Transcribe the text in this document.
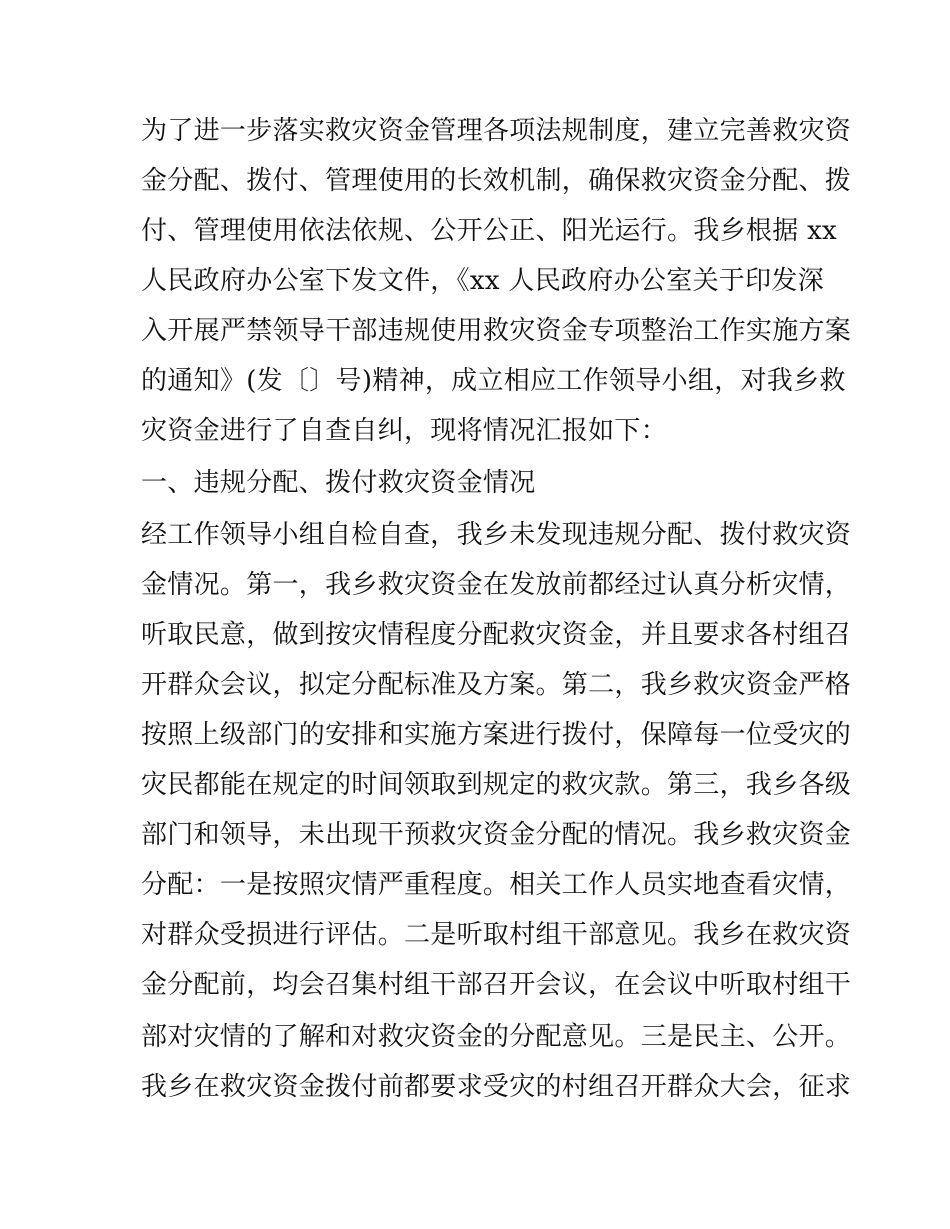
为了进一步落实救灾资金管理各项法规制度，建立完善救灾资
金分配、拨付、管理使用的长效机制，确保救灾资金分配、拨
付、管理使用依法依规、公开公正、阳光运行。我乡根据 xx
人民政府办公室下发文件，《xx 人民政府办公室关于印发深
入开展严禁领导干部违规使用救灾资金专项整治工作实施方案
的通知》(发〔〕号)精神，成立相应工作领导小组，对我乡救
灾资金进行了自查自纠，现将情况汇报如下：
一、违规分配、拨付救灾资金情况
经工作领导小组自检自查，我乡未发现违规分配、拨付救灾资
金情况。第一，我乡救灾资金在发放前都经过认真分析灾情，
听取民意，做到按灾情程度分配救灾资金，并且要求各村组召
开群众会议，拟定分配标准及方案。第二，我乡救灾资金严格
按照上级部门的安排和实施方案进行拨付，保障每一位受灾的
灾民都能在规定的时间领取到规定的救灾款。第三，我乡各级
部门和领导，未出现干预救灾资金分配的情况。我乡救灾资金
分配：一是按照灾情严重程度。相关工作人员实地查看灾情，
对群众受损进行评估。二是听取村组干部意见。我乡在救灾资
金分配前，均会召集村组干部召开会议，在会议中听取村组干
部对灾情的了解和对救灾资金的分配意见。三是民主、公开。
我乡在救灾资金拨付前都要求受灾的村组召开群众大会，征求
